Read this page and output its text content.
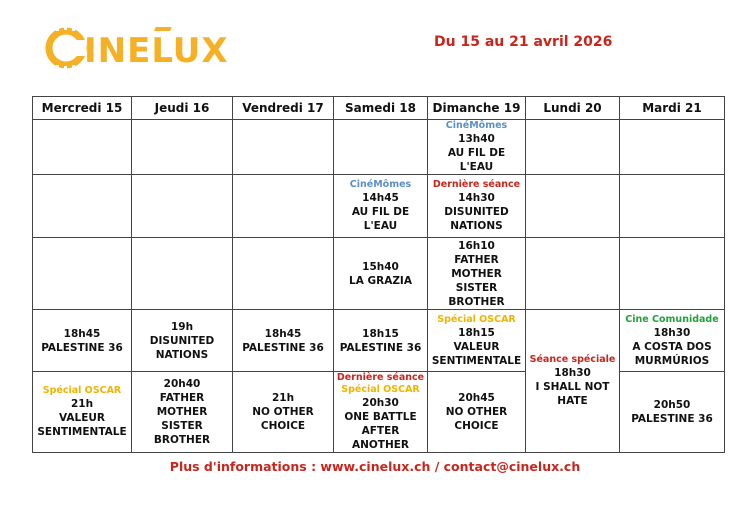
INELUX	Du 15 au 21 avril 2026
Mercredi 15	Jeudi 16	Vendredi 17	Samedi 18	Dimanche 19	Lundi 20	Mardi 21

				CinéMômes
13h40
AU FIL DE L'EAU		

			CinéMômes
14h45
AU FIL DE L'EAU	Dernière séance
14h30
DISUNITED
NATIONS		

			15h40
LA GRAZIA	16h10
FATHER MOTHER
SISTER BROTHER		

18h45
PALESTINE 36	19h
DISUNITED
NATIONS	18h45
PALESTINE 36	18h15
PALESTINE 36	Spécial OSCAR
18h15
VALEUR
SENTIMENTALE	Séance spéciale
18h30
I SHALL NOT
HATE	Cine Comunidade
18h30
A COSTA DOS
MURMÚRIOS

Spécial OSCAR
21h
VALEUR
SENTIMENTALE	20h40
FATHER MOTHER
SISTER BROTHER	21h
NO OTHER
CHOICE	Dernière séance
Spécial OSCAR
20h30
ONE BATTLE
AFTER ANOTHER	20h45
NO OTHER
CHOICE		20h50
PALESTINE 36
Plus d'informations : www.cinelux.ch / contact@cinelux.ch
